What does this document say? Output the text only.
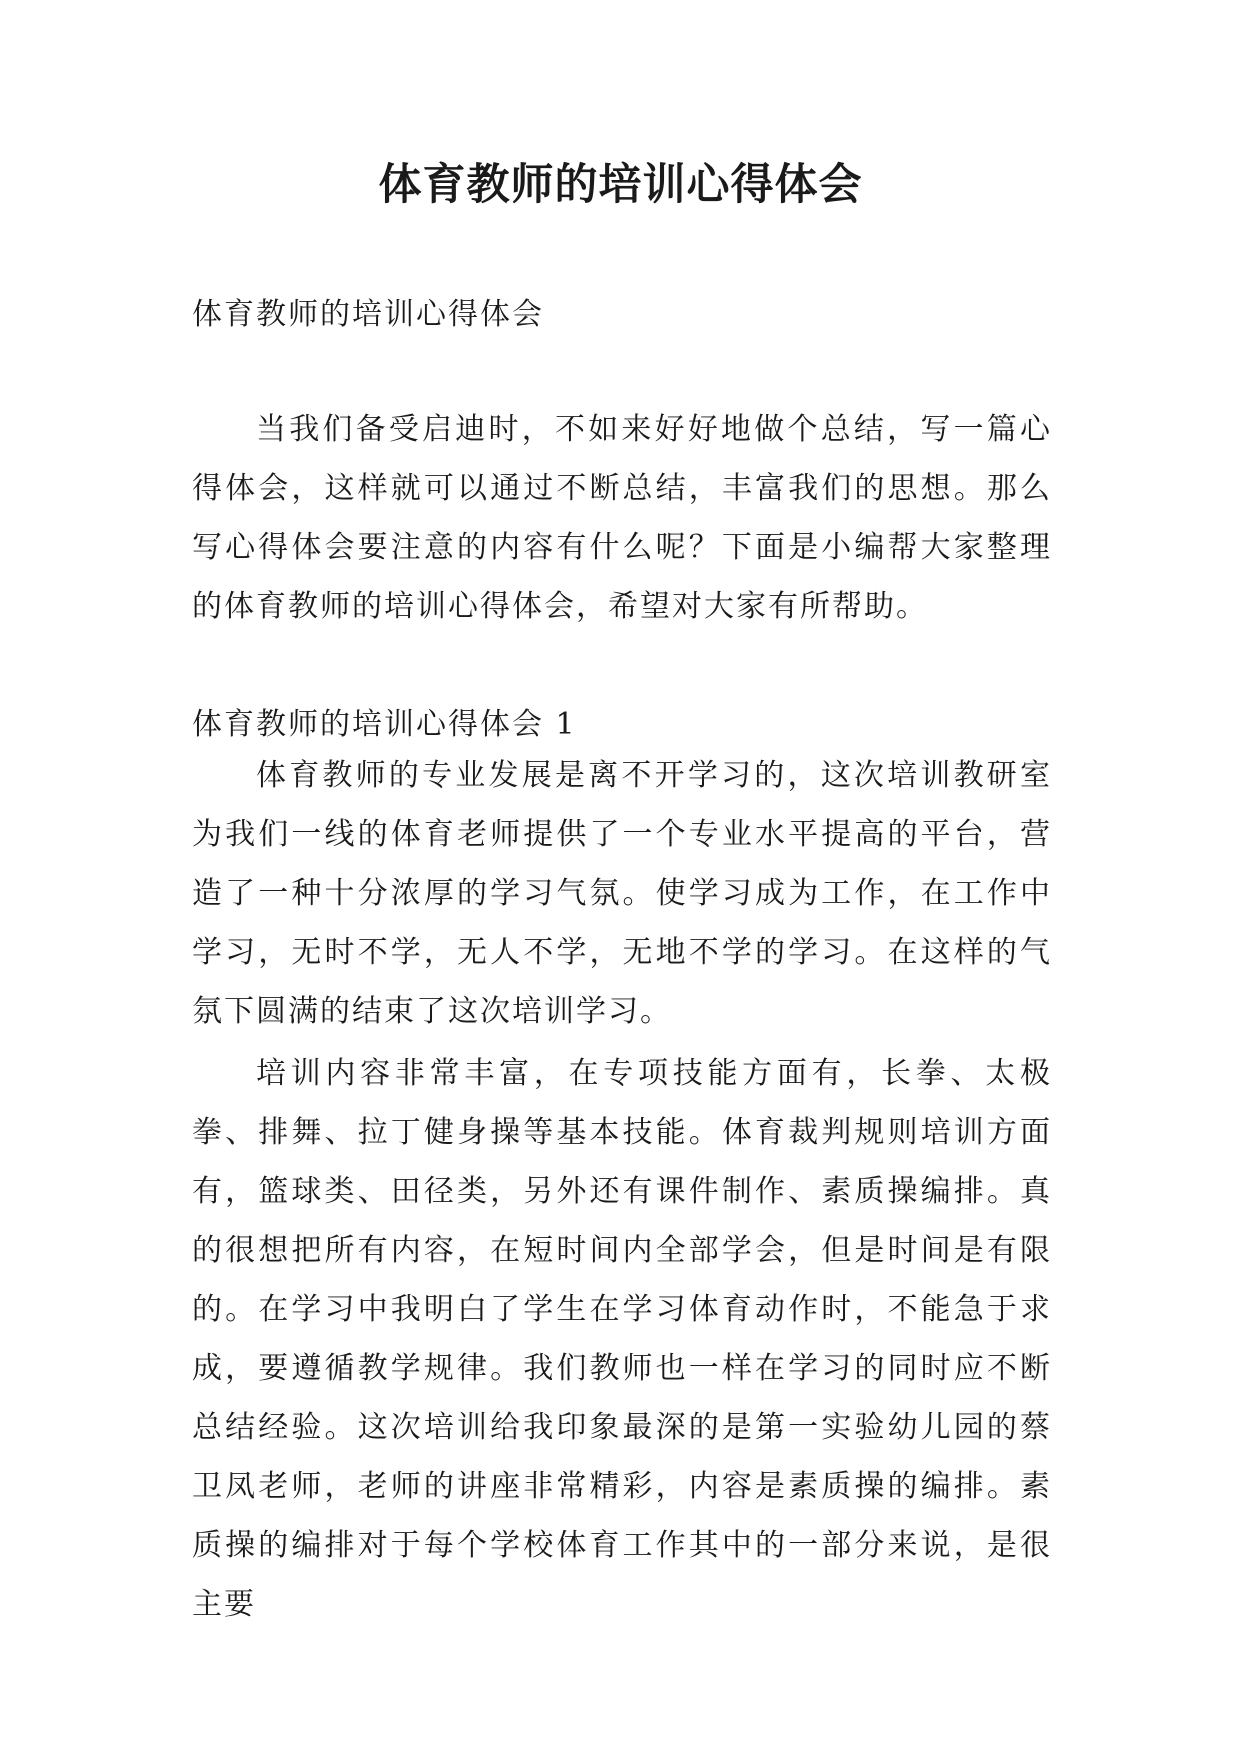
体育教师的培训心得体会
体育教师的培训心得体会

当我们备受启迪时，不如来好好地做个总结，写一篇心得体会，这样就可以通过不断总结，丰富我们的思想。那么写心得体会要注意的内容有什么呢？下面是小编帮大家整理的体育教师的培训心得体会，希望对大家有所帮助。

体育教师的培训心得体会 1

体育教师的专业发展是离不开学习的，这次培训教研室为我们一线的体育老师提供了一个专业水平提高的平台，营造了一种十分浓厚的学习气氛。使学习成为工作，在工作中学习，无时不学，无人不学，无地不学的学习。在这样的气氛下圆满的结束了这次培训学习。

培训内容非常丰富，在专项技能方面有，长拳、太极拳、排舞、拉丁健身操等基本技能。体育裁判规则培训方面有，篮球类、田径类，另外还有课件制作、素质操编排。真的很想把所有内容，在短时间内全部学会，但是时间是有限的。在学习中我明白了学生在学习体育动作时，不能急于求成，要遵循教学规律。我们教师也一样在学习的同时应不断总结经验。这次培训给我印象最深的是第一实验幼儿园的蔡卫凤老师，老师的讲座非常精彩，内容是素质操的编排。素质操的编排对于每个学校体育工作其中的一部分来说，是很主要
